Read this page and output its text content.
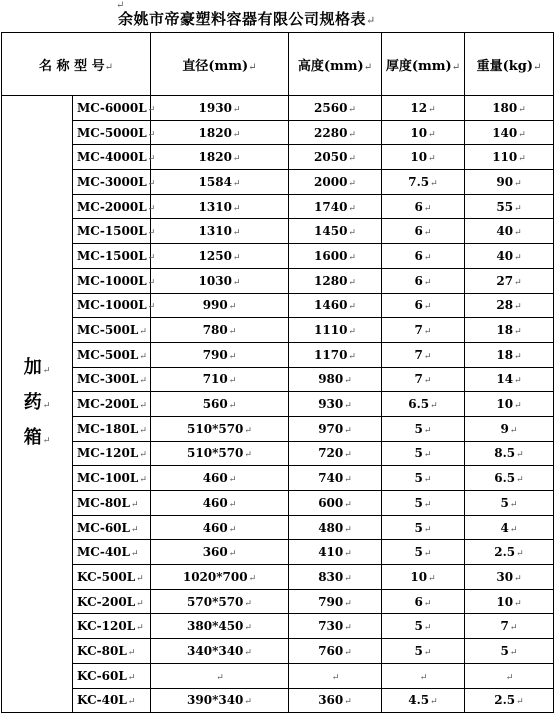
↵
余姚市帝豪塑料容器有限公司规格表↵
名 称 型 号↵		直径(mm)↵	高度(mm)↵	厚度(mm)↵	重量(kg)↵

加↵
药↵
箱↵	MC-6000L↵	1930↵	2560↵	12↵	180↵
	MC-5000L↵	1820↵	2280↵	10↵	140↵
	MC-4000L↵	1820↵	2050↵	10↵	110↵
	MC-3000L↵	1584↵	2000↵	7.5↵	90↵
	MC-2000L↵	1310↵	1740↵	6↵	55↵
	MC-1500L↵	1310↵	1450↵	6↵	40↵
	MC-1500L↵	1250↵	1600↵	6↵	40↵
	MC-1000L↵	1030↵	1280↵	6↵	27↵
	MC-1000L↵	990↵	1460↵	6↵	28↵
	MC-500L↵	780↵	1110↵	7↵	18↵
	MC-500L↵	790↵	1170↵	7↵	18↵
	MC-300L↵	710↵	980↵	7↵	14↵
	MC-200L↵	560↵	930↵	6.5↵	10↵
	MC-180L↵	510*570↵	970↵	5↵	9↵
	MC-120L↵	510*570↵	720↵	5↵	8.5↵
	MC-100L↵	460↵	740↵	5↵	6.5↵
	MC-80L↵	460↵	600↵	5↵	5↵
	MC-60L↵	460↵	480↵	5↵	4↵
	MC-40L↵	360↵	410↵	5↵	2.5↵
	KC-500L↵	1020*700↵	830↵	10↵	30↵
	KC-200L↵	570*570↵	790↵	6↵	10↵
	KC-120L↵	380*450↵	730↵	5↵	7↵
	KC-80L↵	340*340↵	760↵	5↵	5↵
	KC-60L↵	↵	↵	↵	↵
	KC-40L↵	390*340↵	360↵	4.5↵	2.5↵
